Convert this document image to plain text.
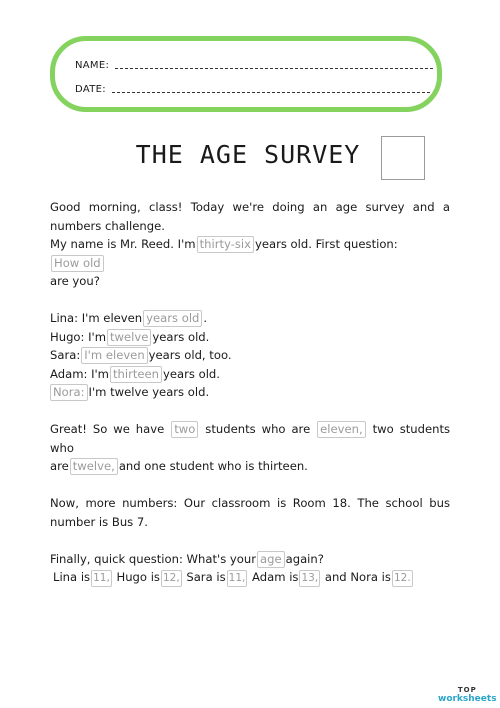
NAME:
DATE:
THE AGE SURVEY

Good morning, class! Today we're doing an age survey and a

numbers challenge.

My name is Mr. Reed. I'm thirty-six years old. First question:How old

are you?

Lina: I'm eleven years old .

Hugo: I'm twelve years old.

Sara: I'm eleven years old, too.

Adam: I'm thirteen years old.

Nora: I'm twelve years old.

Great! So we have two students who are eleven, two students who

are twelve, and one student who is thirteen.

Now, more numbers: Our classroom is Room 18. The school bus

number is Bus 7.

Finally, quick question: What's your age again?

Lina is 11, Hugo is 12, Sara is 11, Adam is 13, and Nora is 12.

TOP
worksheets
